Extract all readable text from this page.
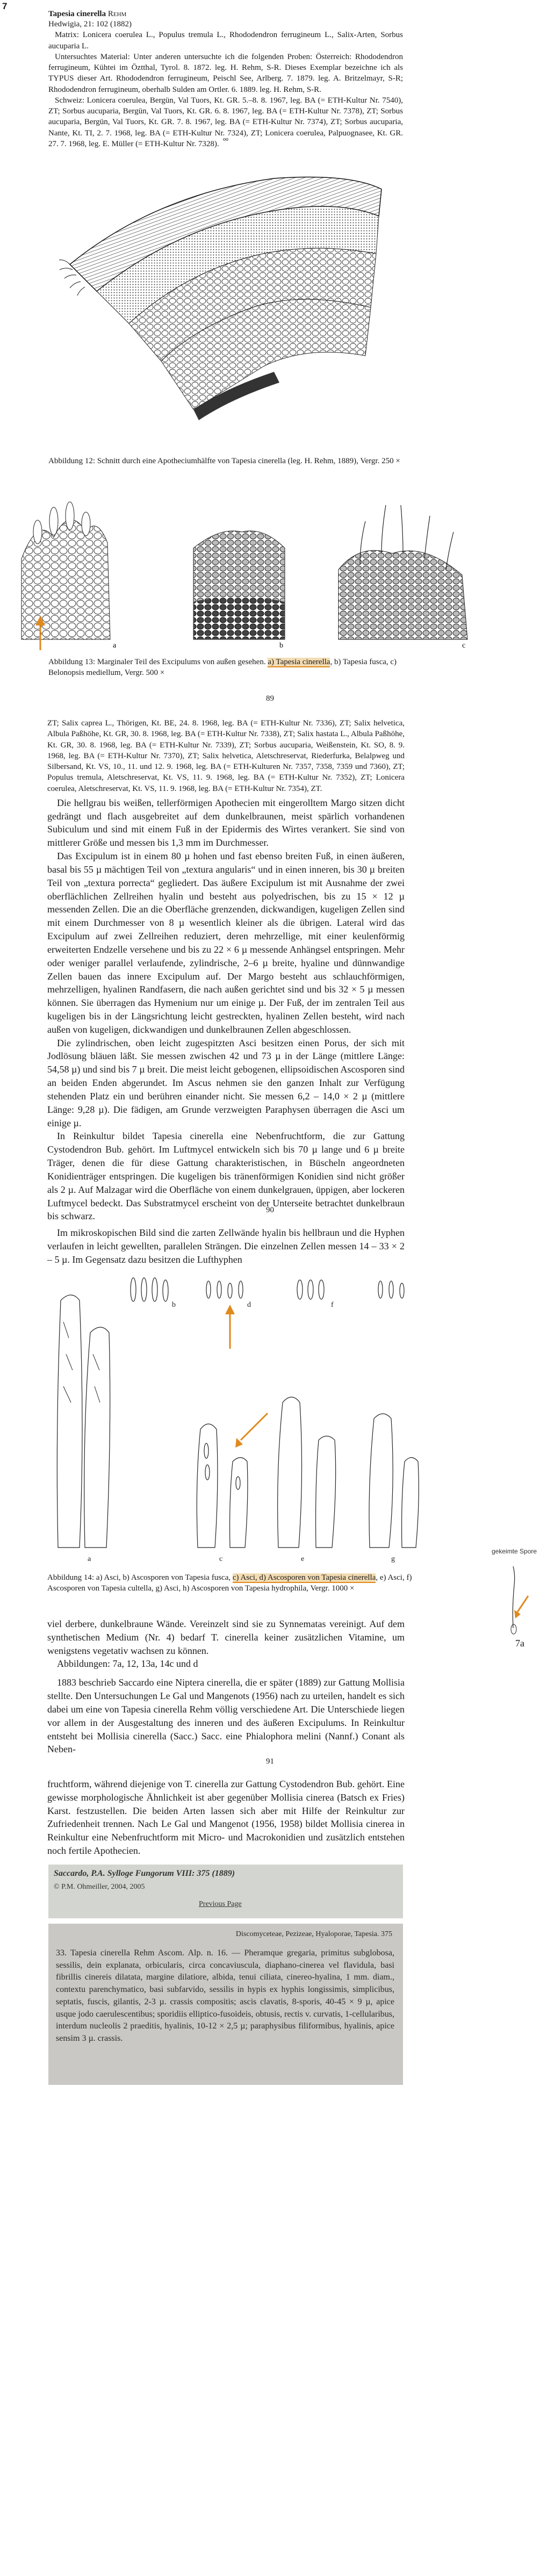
7
Tapesia cinerella Rehm
Hedwigia, 21: 102 (1882)
Matrix: Lonicera coerulea L., Populus tremula L., Rhododendron ferrugineum L., Salix-Arten, Sorbus aucuparia L.
Untersuchtes Material: Unter anderen untersuchte ich die folgenden Proben: Österreich: Rhododendron ferrugineum, Kühtei im Öztthal, Tyrol. 8. 1872. leg. H. Rehm, S-R. Dieses Exemplar bezeichne ich als TYPUS dieser Art. Rhododendron ferrugineum, Peischl See, Arlberg. 7. 1879. leg. A. Britzelmayr, S-R; Rhododendron ferrugineum, oberhalb Sulden am Ortler. 6. 1889. leg. H. Rehm, S-R.
Schweiz: Lonicera coerulea, Bergün, Val Tuors, Kt. GR. 5.–8. 8. 1967, leg. BA (= ETH-Kultur Nr. 7540), ZT; Sorbus aucuparia, Bergün, Val Tuors, Kt. GR. 6. 8. 1967, leg. BA (= ETH-Kultur Nr. 7378), ZT; Sorbus aucuparia, Bergün, Val Tuors, Kt. GR. 7. 8. 1967, leg. BA (= ETH-Kultur Nr. 7374), ZT; Sorbus aucuparia, Nante, Kt. TI, 2. 7. 1968, leg. BA (= ETH-Kultur Nr. 7324), ZT; Lonicera coerulea, Palpuognasee, Kt. GR. 27. 7. 1968, leg. E. Müller (= ETH-Kultur Nr. 7328).
oo
Abbildung 12: Schnitt durch eine Apotheciumhälfte von Tapesia cinerella (leg. H. Rehm, 1889), Vergr. 250 ×
a	b	c
Abbildung 13: Marginaler Teil des Excipulums von außen gesehen. a) Tapesia cinerella, b) Tapesia fusca, c) Belonopsis mediellum, Vergr. 500 ×
89
ZT; Salix caprea L., Thörigen, Kt. BE, 24. 8. 1968, leg. BA (= ETH-Kultur Nr. 7336), ZT; Salix helvetica, Albula Paßhöhe, Kt. GR, 30. 8. 1968, leg. BA (= ETH-Kultur Nr. 7338), ZT; Salix hastata L., Albula Paßhöhe, Kt. GR, 30. 8. 1968, leg. BA (= ETH-Kultur Nr. 7339), ZT; Sorbus aucuparia, Weißenstein, Kt. SO, 8. 9. 1968, leg. BA (= ETH-Kultur Nr. 7370), ZT; Salix helvetica, Aletschreservat, Riederfurka, Belalpweg und Silbersand, Kt. VS, 10., 11. und 12. 9. 1968, leg. BA (= ETH-Kulturen Nr. 7357, 7358, 7359 und 7360), ZT; Populus tremula, Aletschreservat, Kt. VS, 11. 9. 1968, leg. BA (= ETH-Kultur Nr. 7352), ZT; Lonicera coerulea, Aletschreservat, Kt. VS, 11. 9. 1968, leg. BA (= ETH-Kultur Nr. 7354), ZT.
Die hellgrau bis weißen, tellerförmigen Apothecien mit eingerolltem Margo sitzen dicht gedrängt und flach ausgebreitet auf dem dunkelbraunen, meist spärlich vorhandenen Subiculum und sind mit einem Fuß in der Epidermis des Wirtes verankert. Sie sind von mittlerer Größe und messen bis 1,3 mm im Durchmesser.
Das Excipulum ist in einem 80 µ hohen und fast ebenso breiten Fuß, in einen äußeren, basal bis 55 µ mächtigen Teil von „textura angularis“ und in einen inneren, bis 30 µ breiten Teil von „textura porrecta“ gegliedert. Das äußere Excipulum ist mit Ausnahme der zwei oberflächlichen Zellreihen hyalin und besteht aus polyedrischen, bis zu 15 × 12 µ messenden Zellen. Die an die Oberfläche grenzenden, dickwandigen, kugeligen Zellen sind mit einem Durchmesser von 8 µ wesentlich kleiner als die übrigen. Lateral wird das Excipulum auf zwei Zellreihen reduziert, deren mehrzellige, mit einer keulenförmig erweiterten Endzelle versehene und bis zu 22 × 6 µ messende Anhängsel entspringen. Mehr oder weniger parallel verlaufende, zylindrische, 2–6 µ breite, hyaline und dünnwandige Zellen bauen das innere Excipulum auf. Der Margo besteht aus schlauchförmigen, mehrzelligen, hyalinen Randfasern, die nach außen gerichtet sind und bis 32 × 5 µ messen können. Sie überragen das Hymenium nur um einige µ. Der Fuß, der im zentralen Teil aus kugeligen bis in der Längsrichtung leicht gestreckten, hyalinen Zellen besteht, wird nach außen von kugeligen, dickwandigen und dunkelbraunen Zellen abgeschlossen.
Die zylindrischen, oben leicht zugespitzten Asci besitzen einen Porus, der sich mit Jodlösung bläuen läßt. Sie messen zwischen 42 und 73 µ in der Länge (mittlere Länge: 54,58 µ) und sind bis 7 µ breit. Die meist leicht gebogenen, ellipsoidischen Ascosporen sind an beiden Enden abgerundet. Im Ascus nehmen sie den ganzen Inhalt zur Verfügung stehenden Platz ein und berühren einander nicht. Sie messen 6,2 – 14,0 × 2 µ (mittlere Länge: 9,28 µ). Die fädigen, am Grunde verzweigten Paraphysen überragen die Asci um einige µ.
In Reinkultur bildet Tapesia cinerella eine Nebenfruchtform, die zur Gattung Cystodendron Bub. gehört. Im Luftmycel entwickeln sich bis 70 µ lange und 6 µ breite Träger, denen die für diese Gattung charakteristischen, in Büscheln angeordneten Konidienträger entspringen. Die kugeligen bis tränenförmigen Konidien sind nicht größer als 2 µ. Auf Malzagar wird die Oberfläche von einem dunkelgrauen, üppigen, aber lockeren Luftmycel bedeckt. Das Substratmycel erscheint von der Unterseite betrachtet dunkelbraun bis schwarz.
90
Im mikroskopischen Bild sind die zarten Zellwände hyalin bis hellbraun und die Hyphen verlaufen in leicht gewellten, parallelen Strängen. Die einzelnen Zellen messen 14 – 33 × 2 – 5 µ. Im Gegensatz dazu besitzen die Lufthyphen
a
b
c
d
e
f
g
Abbildung 14: a) Asci, b) Ascosporen von Tapesia fusca, c) Asci, d) Ascosporen von Tapesia cinerella, e) Asci, f) Ascosporen von Tapesia cultella, g) Asci, h) Ascosporen von Tapesia hydrophila, Vergr. 1000 ×
gekeimte Spore
7a
viel derbere, dunkelbraune Wände. Vereinzelt sind sie zu Synnematas vereinigt. Auf dem synthetischen Medium (Nr. 4) bedarf T. cinerella keiner zusätzlichen Vitamine, um wenigstens vegetativ wachsen zu können.
Abbildungen: 7a, 12, 13a, 14c und d
1883 beschrieb Saccardo eine Niptera cinerella, die er später (1889) zur Gattung Mollisia stellte. Den Untersuchungen Le Gal und Mangenots (1956) nach zu urteilen, handelt es sich dabei um eine von Tapesia cinerella Rehm völlig verschiedene Art. Die Unterschiede liegen vor allem in der Ausgestaltung des inneren und des äußeren Excipulums. In Reinkultur entsteht bei Mollisia cinerella (Sacc.) Sacc. eine Phialophora melini (Nannf.) Conant als Neben-
91
fruchtform, während diejenige von T. cinerella zur Gattung Cystodendron Bub. gehört. Eine gewisse morphologische Ähnlichkeit ist aber gegenüber Mollisia cinerea (Batsch ex Fries) Karst. festzustellen. Die beiden Arten lassen sich aber mit Hilfe der Reinkultur zur Zufriedenheit trennen. Nach Le Gal und Mangenot (1956, 1958) bildet Mollisia cinerea in Reinkultur eine Nebenfruchtform mit Micro- und Macrokonidien und zusätzlich entstehen noch fertile Apothecien.
Saccardo, P.A. Sylloge Fungorum VIII: 375 (1889)
© P.M. Ohmeiller, 2004, 2005
Previous Page
Discomyceteae, Pezizeae, Hyaloporae, Tapesia. 375
33. Tapesia cinerella Rehm Ascom. Alp. n. 16. — Pheramque gregaria, primitus subglobosa, sessilis, dein explanata, orbicularis, circa concaviuscula, diaphano-cinerea vel flavidula, basi fibrillis cinereis dilatata, margine dilatiore, albida, tenui ciliata, cinereo-hyalina, 1 mm. diam., contextu parenchymatico, basi subfarvido, sessilis in hypis ex hyphis longissimis, simplicibus, septatis, fuscis, gilantis, 2-3 µ. crassis compositis; ascis clavatis, 8-sporis, 40-45 × 9 µ, apice usque jodo caerulescentibus; sporidiis elliptico-fusoideis, obtusis, rectis v. curvatis, 1-cellularibus, interdum nucleolis 2 praeditis, hyalinis, 10-12 × 2,5 µ; paraphysibus filiformibus, hyalinis, apice sensim 3 µ. crassis.
